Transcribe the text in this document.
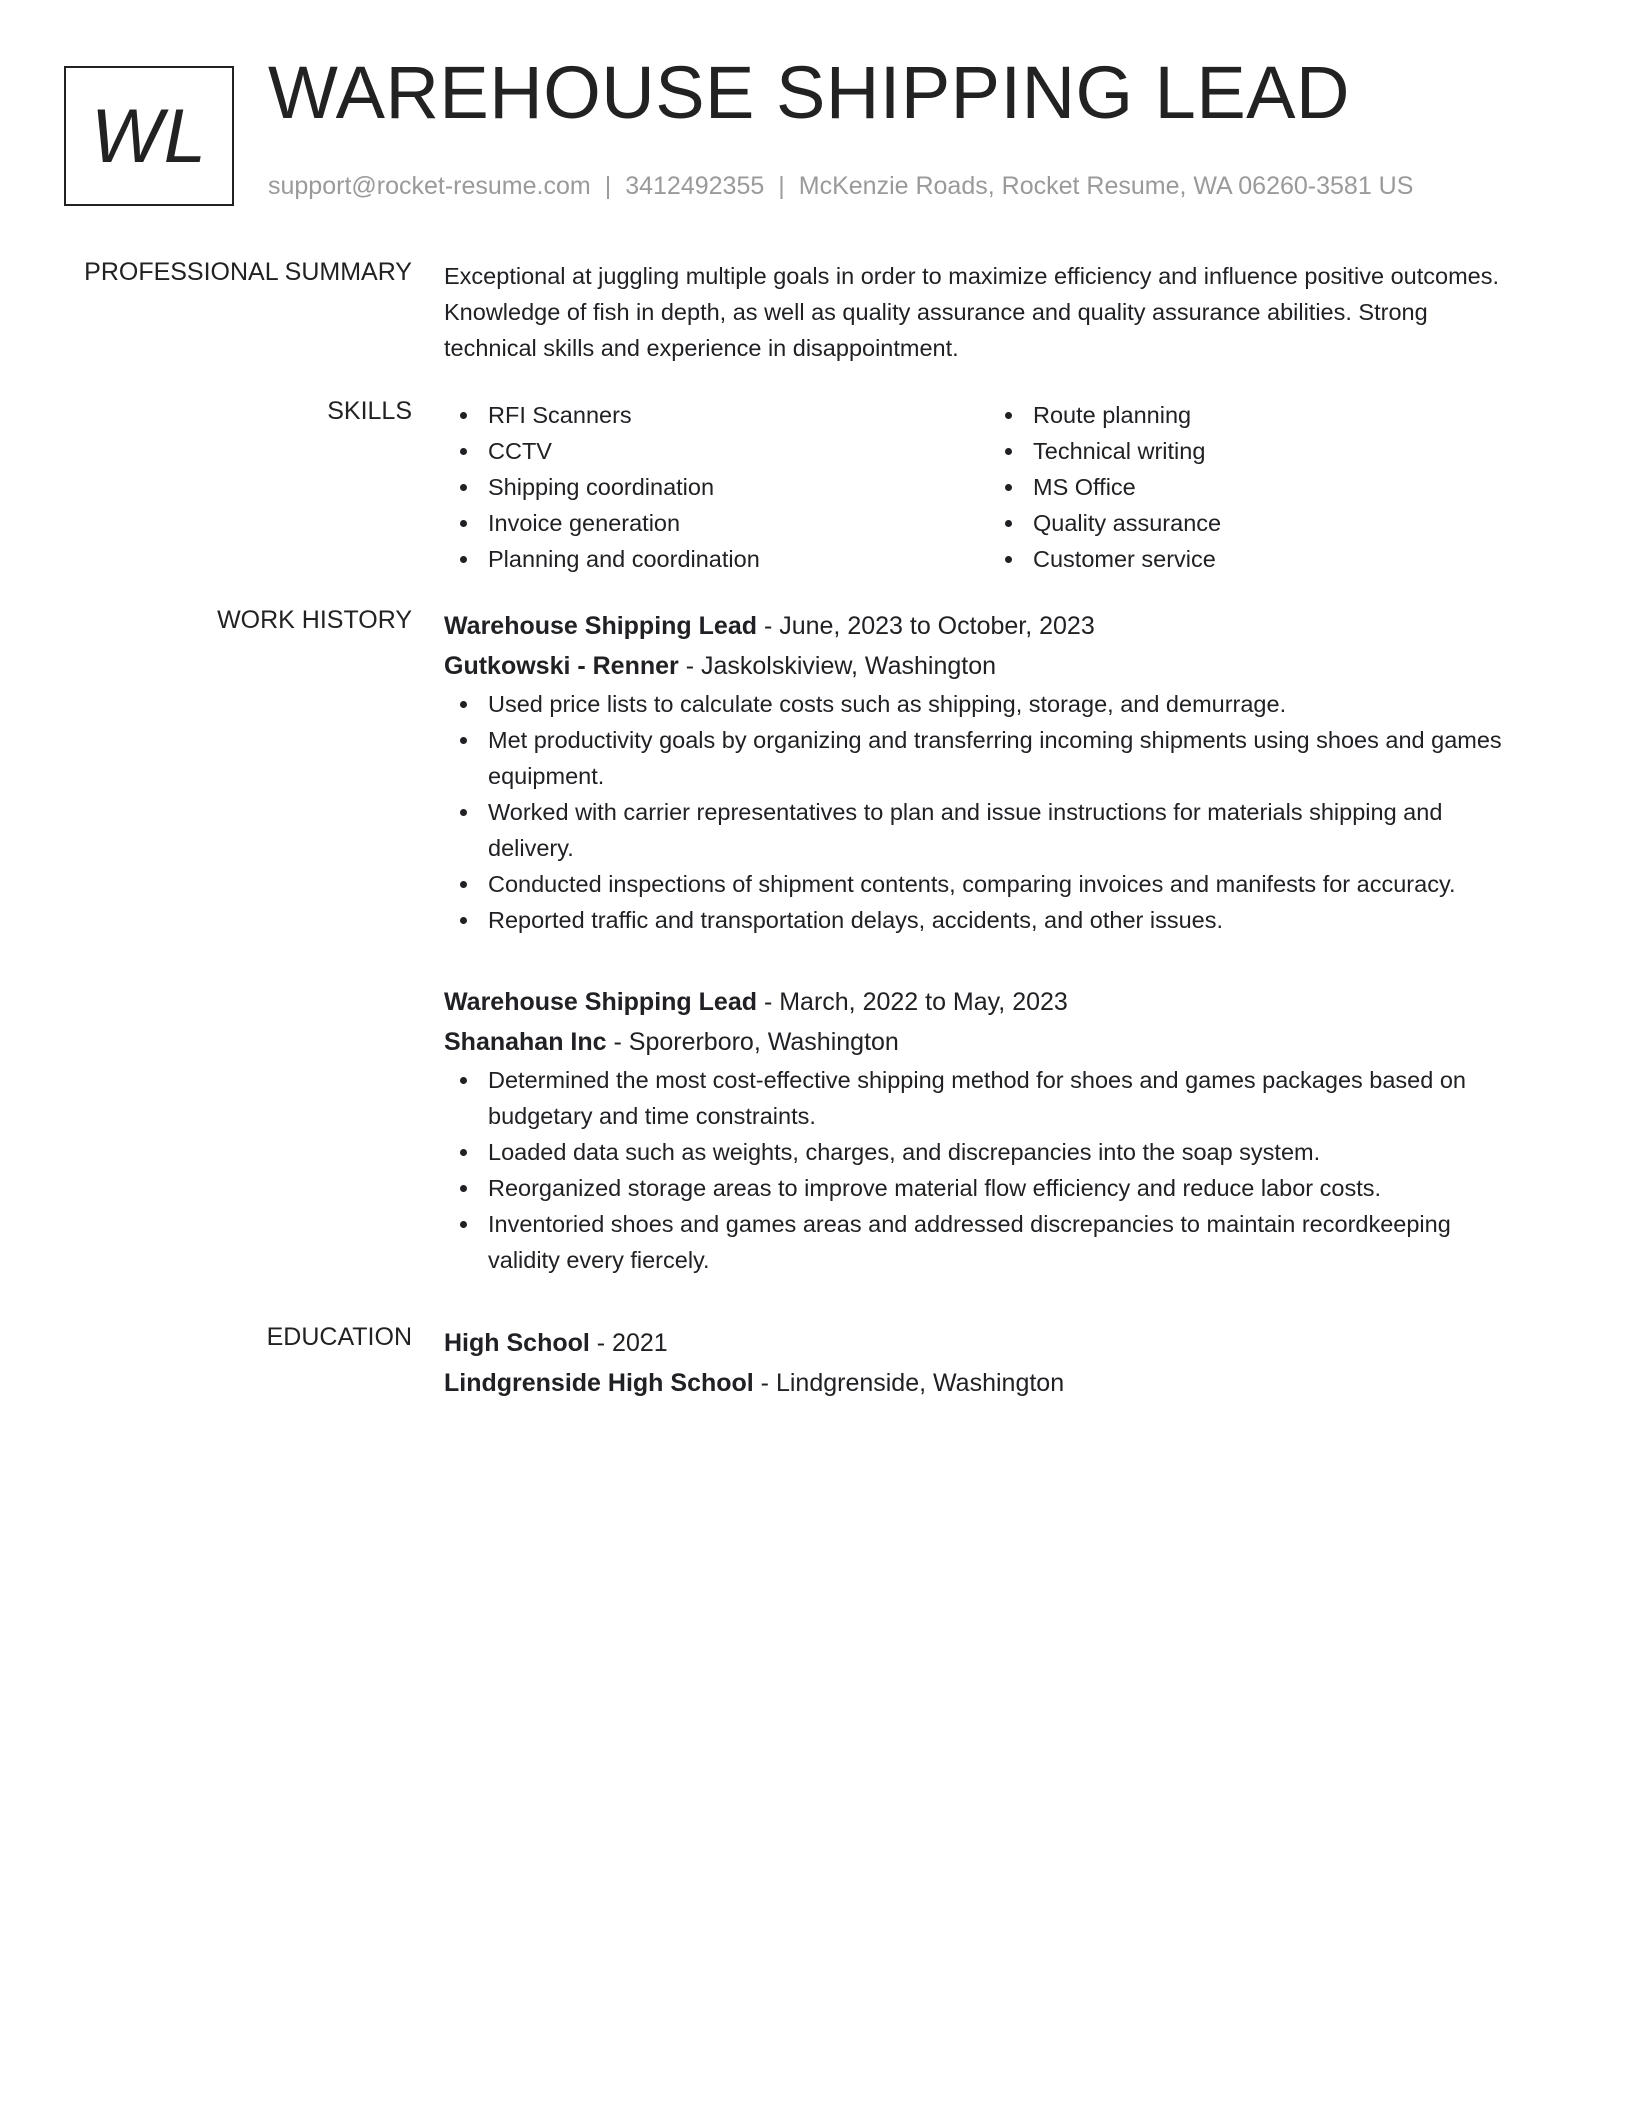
WL
WAREHOUSE SHIPPING LEAD
support@rocket-resume.com | 3412492355 | McKenzie Roads, Rocket Resume, WA 06260-3581 US
PROFESSIONAL SUMMARY Exceptional at juggling multiple goals in order to maximize efficiency and influence positive outcomes. Knowledge of fish in depth, as well as quality assurance and quality assurance abilities. Strong technical skills and experience in disappointment.

SKILLS	RFI Scanners
CCTV
Shipping coordination
Invoice generation
Planning and coordination
Route planning
Technical writing
MS Office
Quality assurance
Customer service
WORK HISTORY Warehouse Shipping Lead - June, 2023 to October, 2023
Gutkowski - Renner - Jaskolskiview, Washington
Used price lists to calculate costs such as shipping, storage, and demurrage.
Met productivity goals by organizing and transferring incoming shipments using shoes and games equipment.
Worked with carrier representatives to plan and issue instructions for materials shipping and delivery.
Conducted inspections of shipment contents, comparing invoices and manifests for accuracy.
Reported traffic and transportation delays, accidents, and other issues.
Warehouse Shipping Lead - March, 2022 to May, 2023
Shanahan Inc - Sporerboro, Washington
Determined the most cost-effective shipping method for shoes and games packages based on budgetary and time constraints.
Loaded data such as weights, charges, and discrepancies into the soap system.
Reorganized storage areas to improve material flow efficiency and reduce labor costs.
Inventoried shoes and games areas and addressed discrepancies to maintain recordkeeping validity every fiercely.
EDUCATION High School - 2021
Lindgrenside High School - Lindgrenside, Washington
